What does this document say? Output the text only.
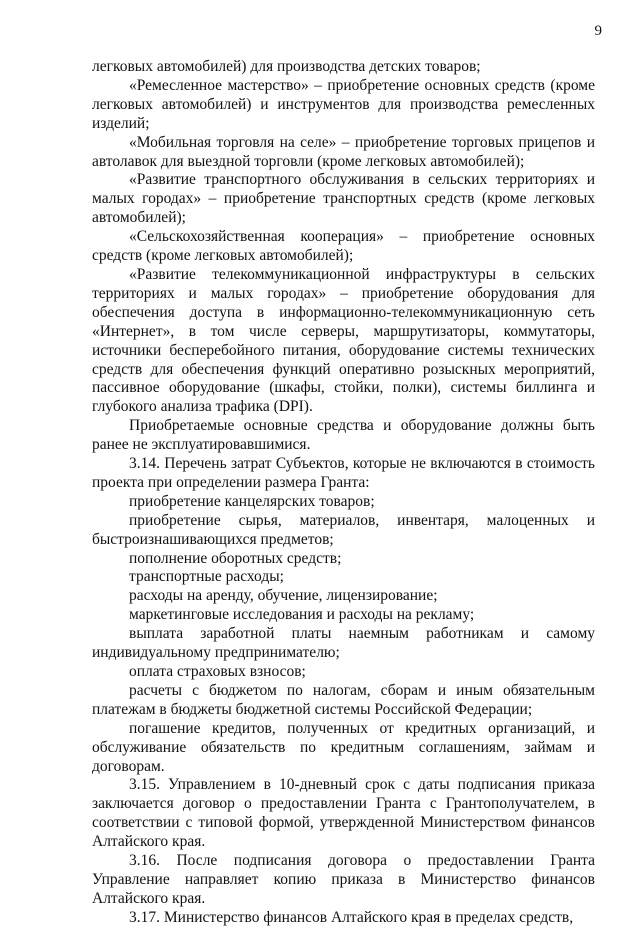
9

легковых автомобилей) для производства детских товаров;

«Ремесленное мастерство» – приобретение основных средств (кроме легковых автомобилей) и инструментов для производства ремесленных изделий;

«Мобильная торговля на селе» – приобретение торговых прицепов и автолавок для выездной торговли (кроме легковых автомобилей);

«Развитие транспортного обслуживания в сельских территориях и малых городах» – приобретение транспортных средств (кроме легковых автомобилей);

«Сельскохозяйственная кооперация» – приобретение основных средств (кроме легковых автомобилей);

«Развитие телекоммуникационной инфраструктуры в сельских территориях и малых городах» – приобретение оборудования для обеспечения доступа в информационно-телекоммуникационную сеть «Интернет», в том числе серверы, маршрутизаторы, коммутаторы, источники бесперебойного питания, оборудование системы технических средств для обеспечения функций оперативно розыскных мероприятий, пассивное оборудование (шкафы, стойки, полки), системы биллинга и глубокого анализа трафика (DPI).

Приобретаемые основные средства и оборудование должны быть ранее не эксплуатировавшимися.

3.14. Перечень затрат Субъектов, которые не включаются в стоимость проекта при определении размера Гранта:

приобретение канцелярских товаров;

приобретение сырья, материалов, инвентаря, малоценных и быстроизнашивающихся предметов;

пополнение оборотных средств;

транспортные расходы;

расходы на аренду, обучение, лицензирование;

маркетинговые исследования и расходы на рекламу;

выплата заработной платы наемным работникам и самому индивидуальному предпринимателю;

оплата страховых взносов;

расчеты с бюджетом по налогам, сборам и иным обязательным платежам в бюджеты бюджетной системы Российской Федерации;

погашение кредитов, полученных от кредитных организаций, и обслуживание обязательств по кредитным соглашениям, займам и договорам.

3.15. Управлением в 10-дневный срок с даты подписания приказа заключается договор о предоставлении Гранта с Грантополучателем, в соответствии с типовой формой, утвержденной Министерством финансов Алтайского края.

3.16. После подписания договора о предоставлении Гранта Управление направляет копию приказа в Министерство финансов Алтайского края.

3.17. Министерство финансов Алтайского края в пределах средств,
